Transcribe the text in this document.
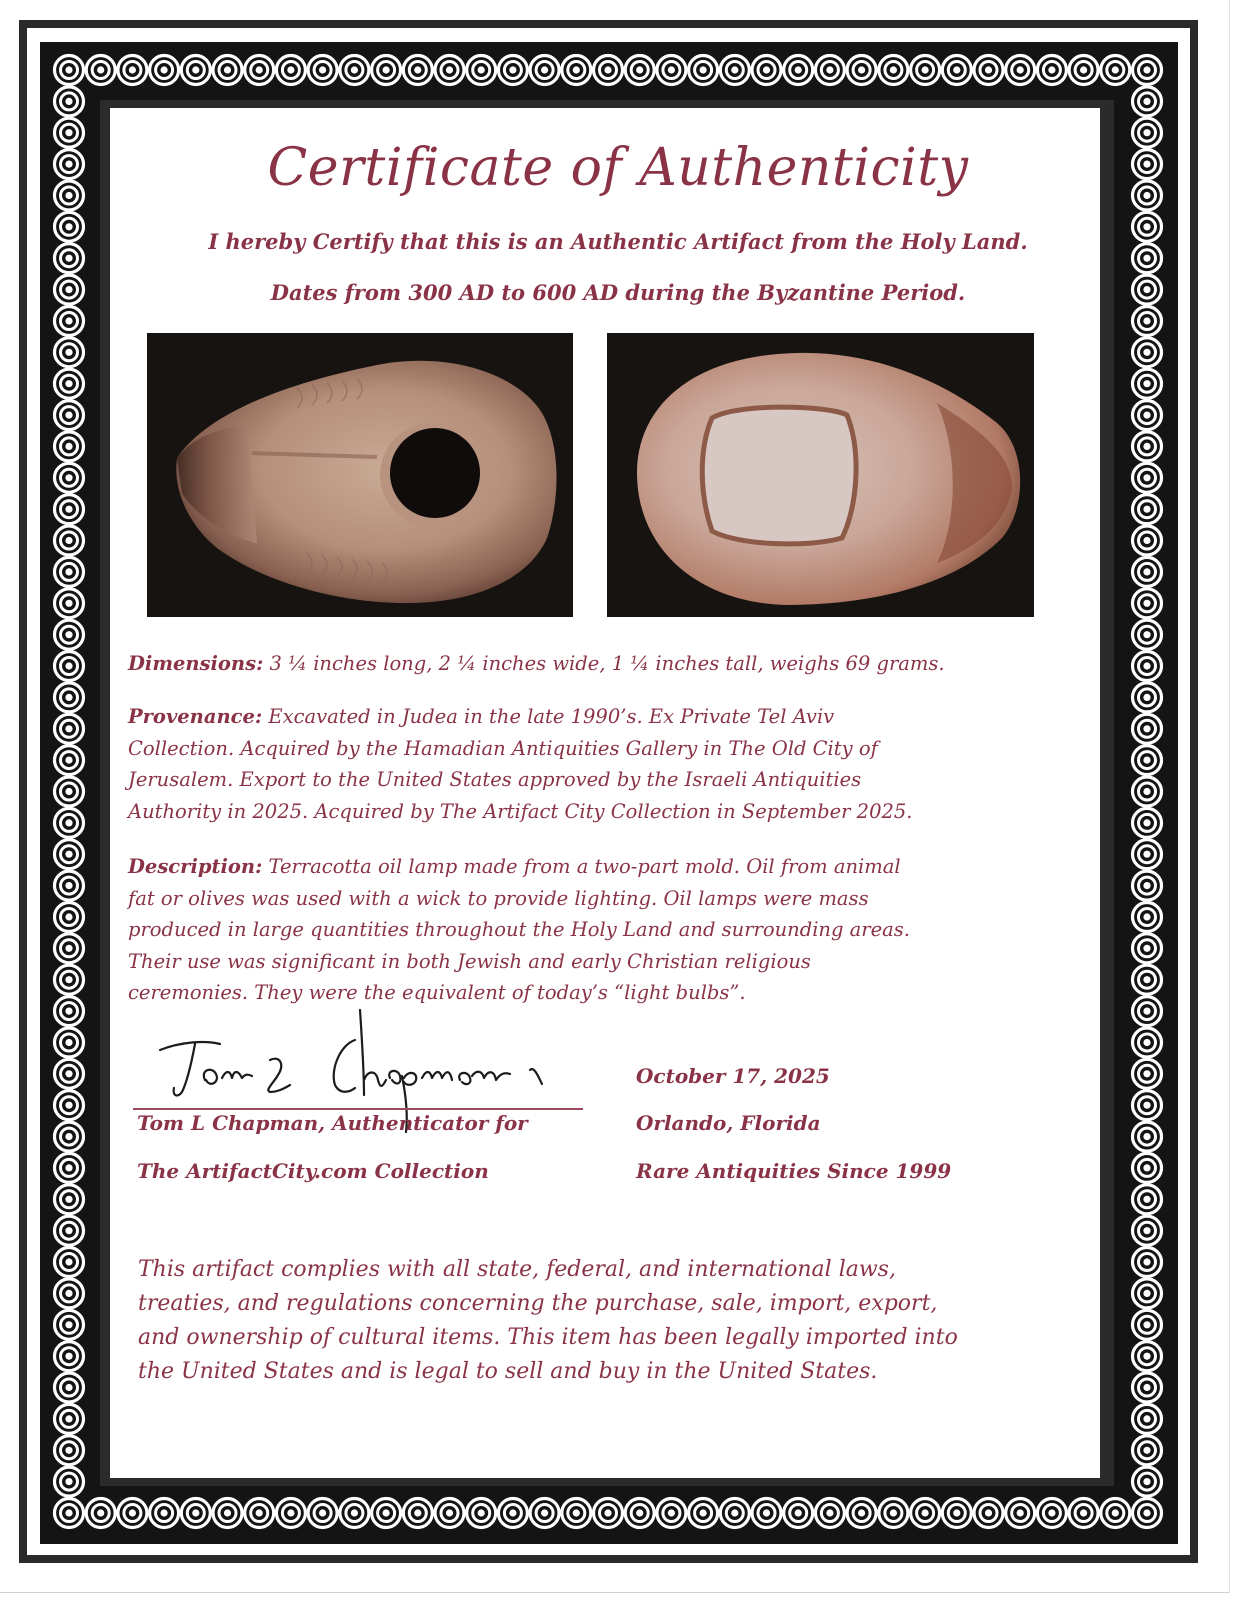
Certificate of Authenticity
I hereby Certify that this is an Authentic Artifact from the Holy Land.
Dates from 300 AD to 600 AD during the Byzantine Period.
Dimensions: 3 ¼ inches long, 2 ¼ inches wide, 1 ¼ inches tall, weighs 69 grams.
Provenance: Excavated in Judea in the late 1990’s. Ex Private Tel Aviv
Collection. Acquired by the Hamadian Antiquities Gallery in The Old City of
Jerusalem. Export to the United States approved by the Israeli Antiquities
Authority in 2025. Acquired by The Artifact City Collection in September 2025.
Description: Terracotta oil lamp made from a two-part mold. Oil from animal
fat or olives was used with a wick to provide lighting. Oil lamps were mass
produced in large quantities throughout the Holy Land and surrounding areas.
Their use was significant in both Jewish and early Christian religious
ceremonies. They were the equivalent of today’s “light bulbs”.
Tom L Chapman, Authenticator for
The ArtifactCity.com Collection
October 17, 2025
Orlando, Florida
Rare Antiquities Since 1999
This artifact complies with all state, federal, and international laws,
treaties, and regulations concerning the purchase, sale, import, export,
and ownership of cultural items. This item has been legally imported into
the United States and is legal to sell and buy in the United States.
